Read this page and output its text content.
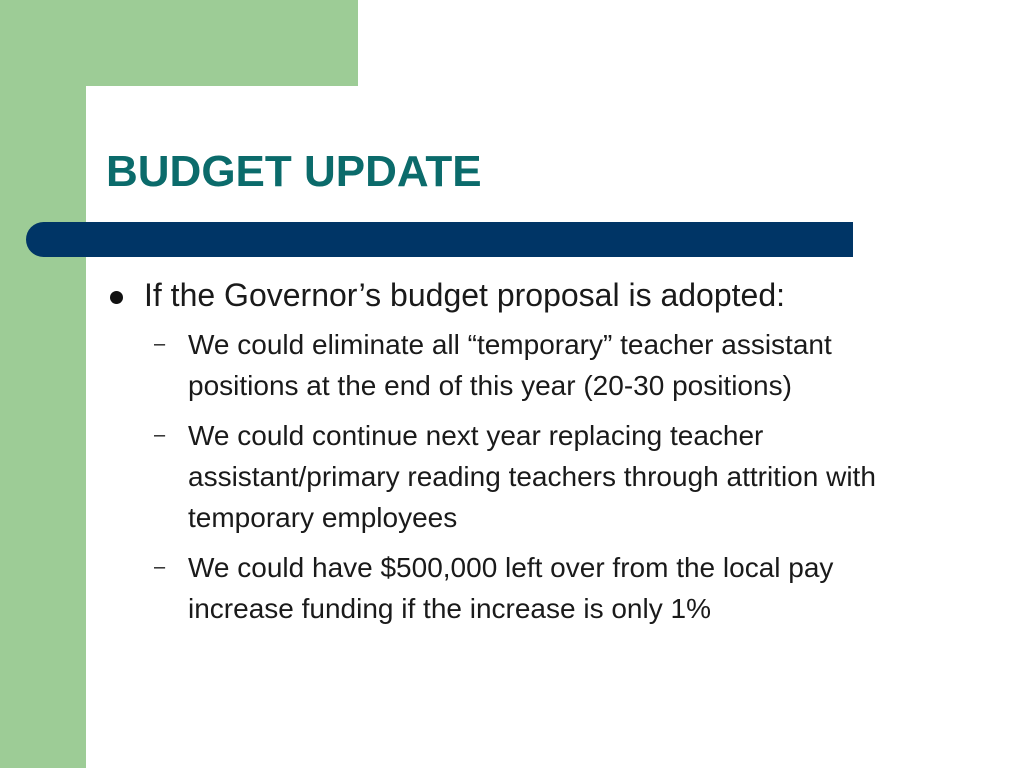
BUDGET UPDATE
If the Governor’s budget proposal is adopted:
– We could eliminate all “temporary” teacher assistant positions at the end of this year (20-30 positions)
– We could continue next year replacing teacher assistant/primary reading teachers through attrition with temporary employees
– We could have $500,000 left over from the local pay increase funding if the increase is only 1%
